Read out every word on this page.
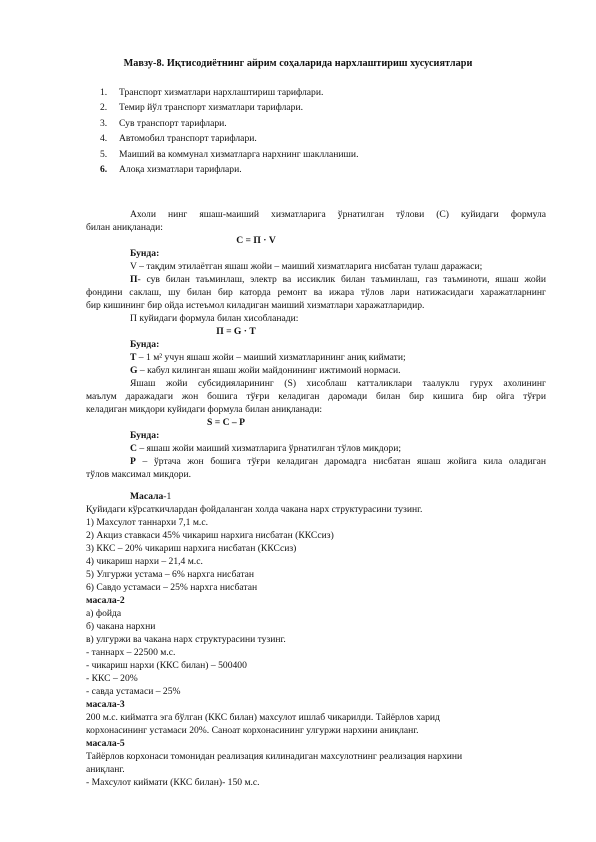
Мавзу-8. Иқтисодиётнинг айрим соҳаларида нархлаштириш хусусиятлари
1.	Транспорт хизматлари нархлаштириш тарифлари.
2.	Темир йўл транспорт хизматлари тарифлари.
3.	Сув транспорт тарифлари.
4.	Автомобил транспорт тарифлари.
5.	Маиший ва коммунал хизматларга нархнинг шаклланиши.
6.	Алоқа хизматлари тарифлари.
Ахоли нинг яшаш-маиший хизматларига ўрнатилган тўлови (С) куйидаги формула
билан аниқланади:
С = П · V
Бунда:
V – тақдим этилаётган яшаш жойи – маиший хизматларига нисбатан тулаш даражаси;
П- сув билан таъминлаш, электр ва иссиклик билан таъминлаш, газ таъминоти, яшаш жойи
фондини саклаш, шу билан бир каторда ремонт ва ижара тўлов лари натижасидаги харажатларнинг
бир кишининг бир ойда истеъмол киладиган маиший хизматлари харажатларидир.
П куйидаги формула билан хисобланади:
П = G · Т
Бунда:
Т – 1 м² учун яшаш жойи – маиший хизматларининг аниқ киймати;
G – кабул килинган яшаш жойи майдонининг ижтимоий нормаси.
Яшаш жойи субсидияларининг (S) хисоблаш катталиклари таалуклu гурух ахолининг
маълум даражадаги жон бошига тўғри келадиган даромади билан бир кишига бир ойга тўғри
келадиган микдори куйидаги формула билан аниқланади:
S = C – P
Бунда:
С – яшаш жойи маиший хизматларига ўрнатилган тўлов микдори;
Р – ўртача жон бошига тўғри келадиган даромадга нисбатан яшаш жойига кила оладиган
тўлов максимал микдори.
Масала-1
Қуйидаги кўрсаткичлардан фойдаланган холда чакана нарх структурасини тузинг.
1) Махсулот таннархи 7,1 м.с.
2) Акциз ставкаси 45% чикариш нархига нисбатан (ККСсиз)
3) ККС – 20% чикариш нархига нисбатан (ККСсиз)
4) чикариш нархи – 21,4 м.с.
5) Улгуржи устама – 6% нархга нисбатан
6) Савдо устамаси – 25% нархга нисбатан
масала-2
а) фойда
б) чакана нархни
в) улгуржи ва чакана нарх структурасини тузинг.
- таннарх – 22500 м.с.
- чикариш нархи (ККС билан) – 500400
- ККС – 20%
- савда устамаси – 25%
масала-3
200 м.с. кийматга эга бўлган (ККС билан) махсулот ишлаб чикарилди. Тайёрлов харид
корхонасининг устамаси 20%. Саноат корхонасининг улгуржи нархини аниқланг.
масала-5
Тайёрлов корхонаси томонидан реализация килинадиган махсулотнинг реализация нархини
аниқланг.
- Махсулот киймати (ККС билан)- 150 м.с.
